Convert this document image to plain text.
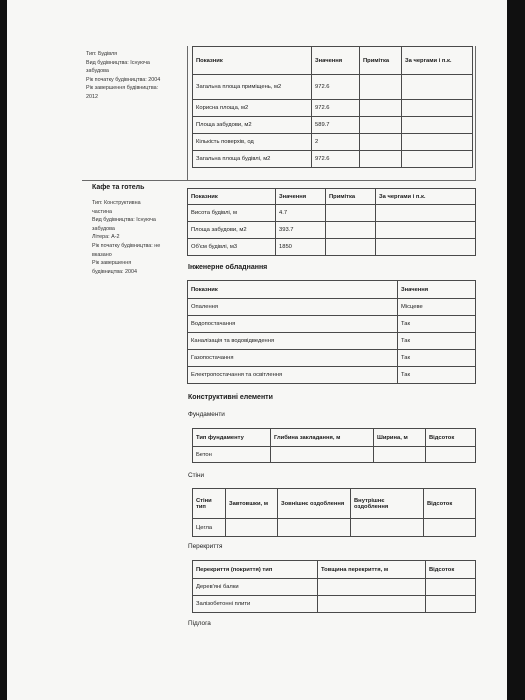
Тип: Будівля
Вид будівництва: Існуюча
забудова
Рік початку будівництва: 2004
Рік завершення будівництва:
2012
Показник	Значення	Примітка	За чергами і п.к.
Загальна площа приміщень, м2	972.6		
Корисна площа, м2	972.6		
Площа забудови, м2	589.7		
Кількість поверхів, од	2		
Загальна площа будівлі, м2	972.6		
Кафе та готель
Тип: Конструктивна
частина
Вид будівництва: Існуюча
забудова
Літера: А-2
Рік початку будівництва: не
вказано
Рік завершення
будівництва: 2004
Показник	Значення	Примітка	За чергами і п.к.
Висота будівлі, м	4.7		
Площа забудови, м2	393.7		
Об'єм будівлі, м3	1850		
Інженерне обладнання
Показник	Значення
Опалення	Місцеве
Водопостачання	Так
Каналізація та водовідведення	Так
Газопостачання	Так
Електропостачання та освітлення	Так
Конструктивні елементи
Фундаменти
Тип фундаменту	Глибина закладання, м	Ширина, м	Відсоток
Бетон			
Стіни
Стіни тип	Завтовшки, м	Зовнішнє оздоблення	Внутрішнє оздоблення	Відсоток
Цегла				
Перекриття
Перекриття (покриття) тип	Товщина перекриття, м	Відсоток
Дерев'яні балки		
Залізобетонні плити		
Підлога
